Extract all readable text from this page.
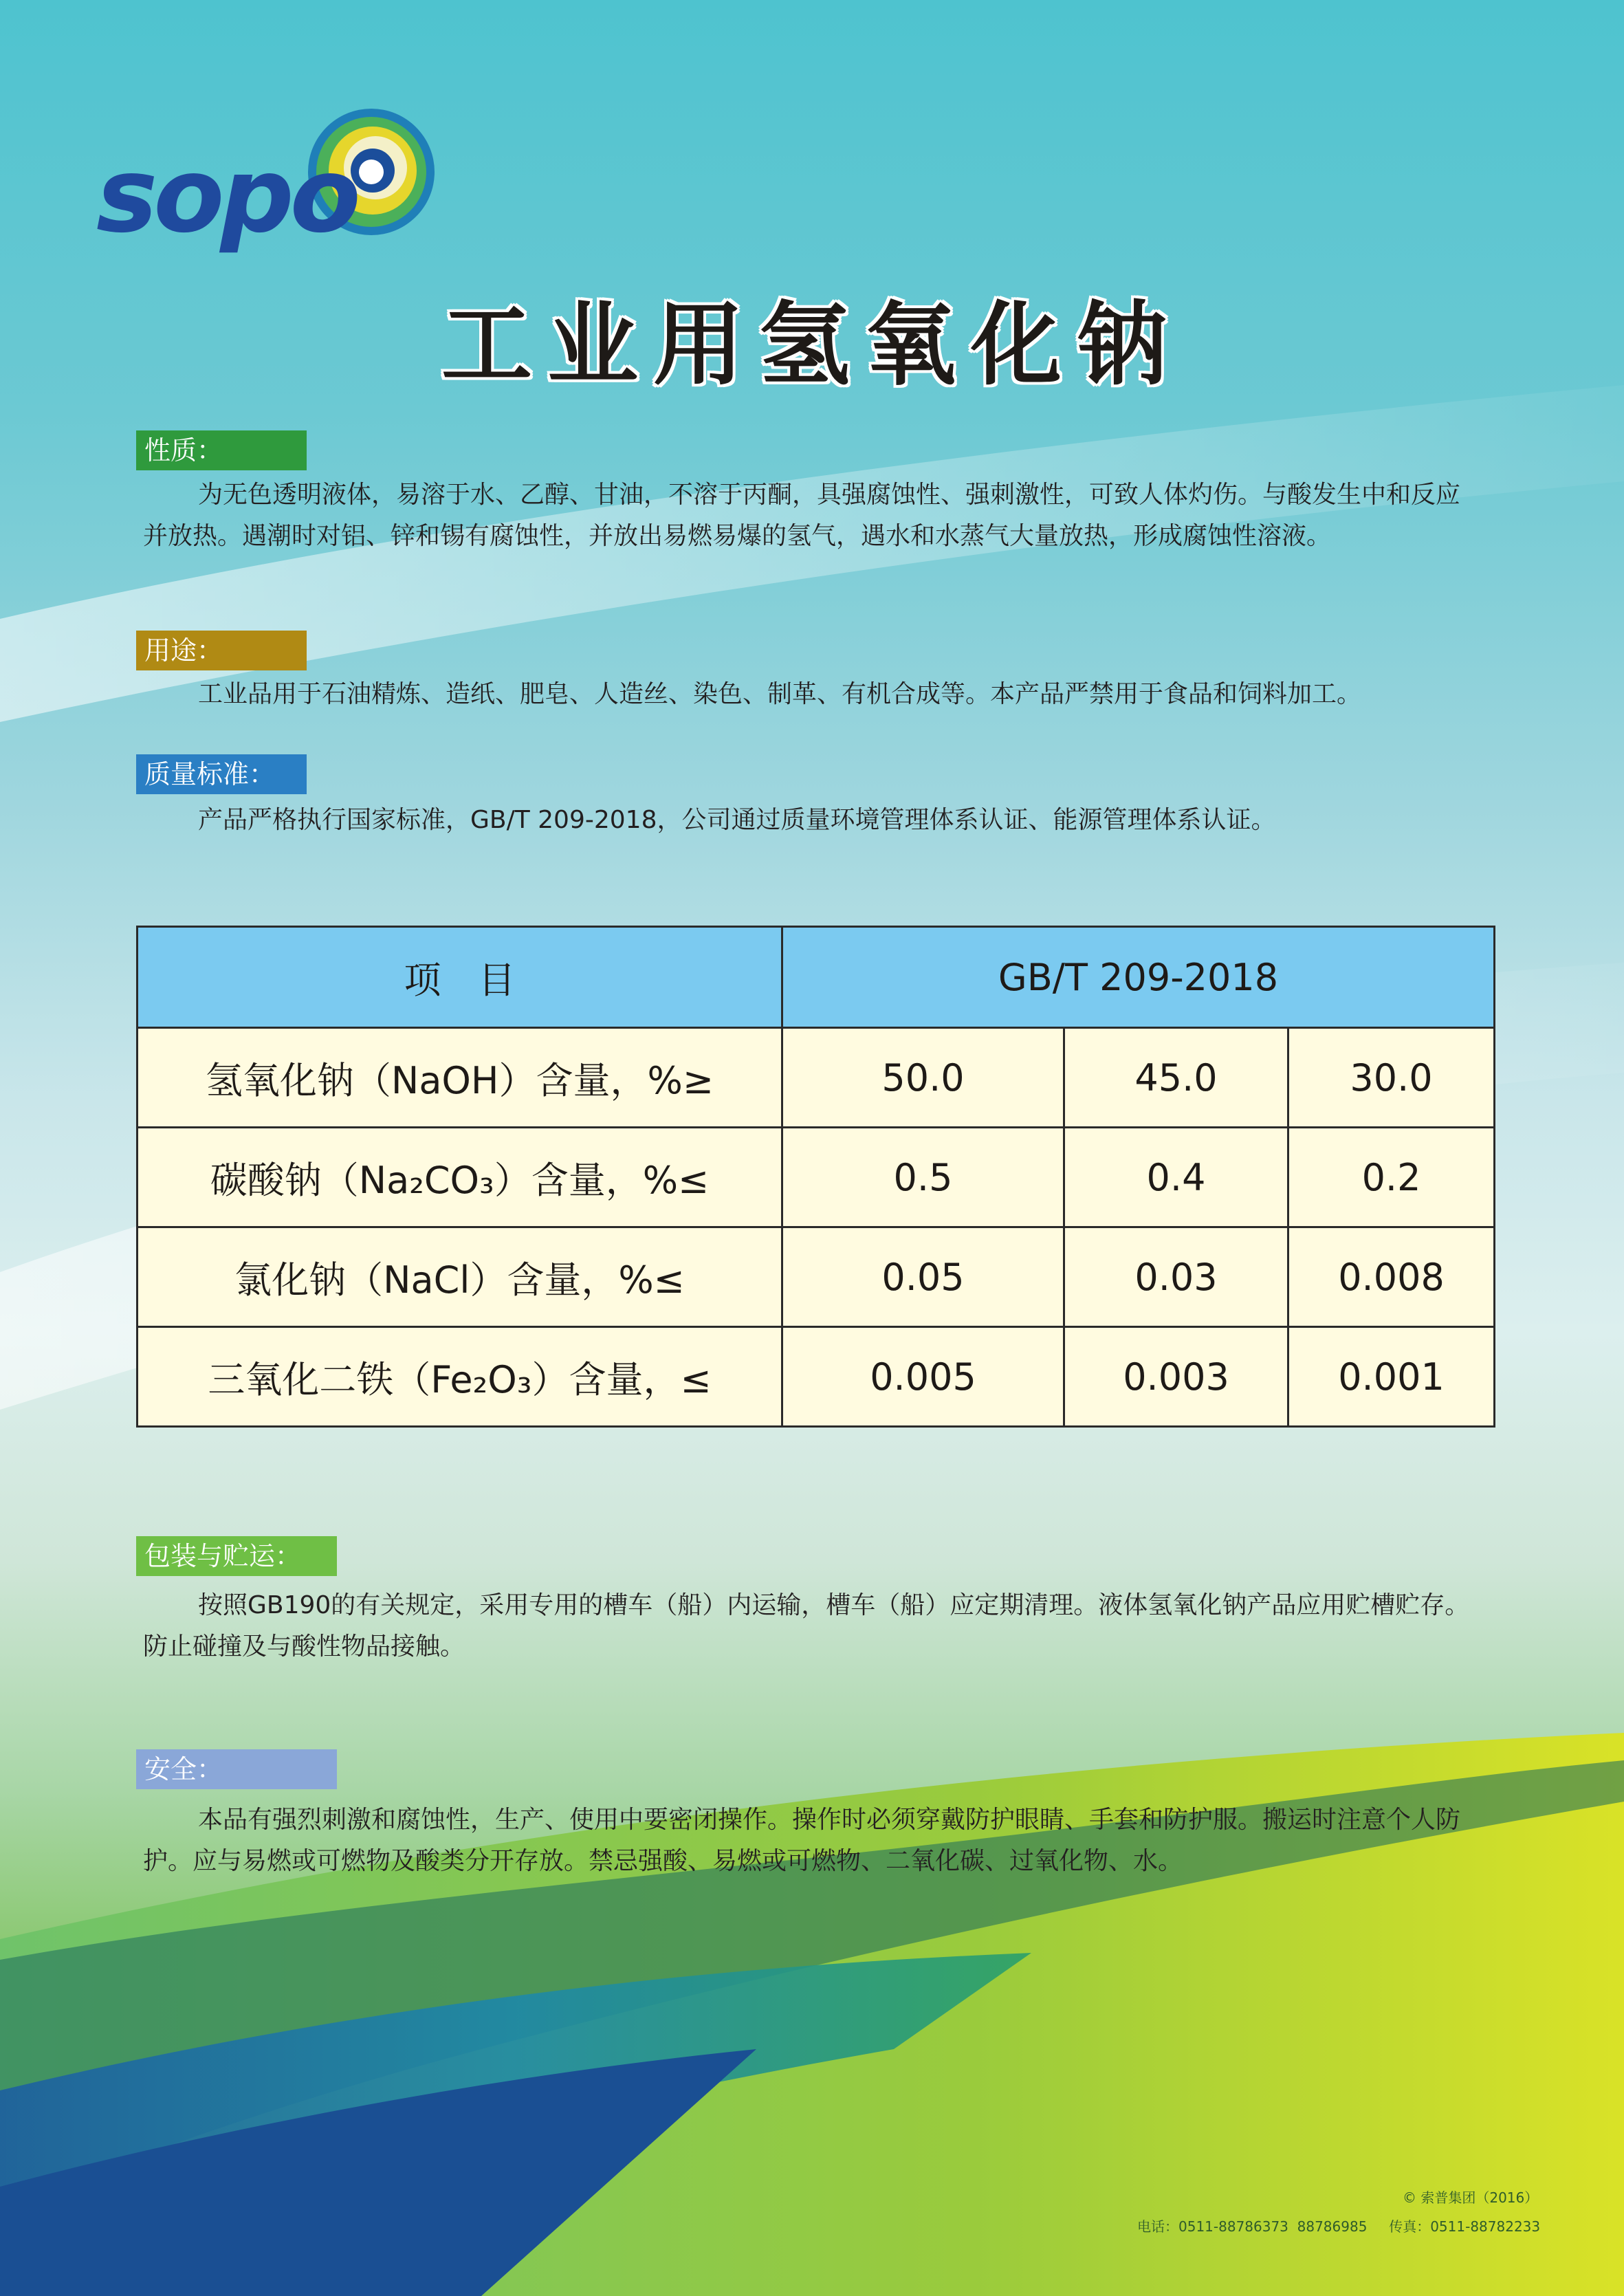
sopo
工业用氢氧化钠
性质：
为无色透明液体，易溶于水、乙醇、甘油，不溶于丙酮，具强腐蚀性、强刺激性，可致人体灼伤。与酸发生中和反应并放热。遇潮时对铝、锌和锡有腐蚀性，并放出易燃易爆的氢气，遇水和水蒸气大量放热，形成腐蚀性溶液。
用途：
工业品用于石油精炼、造纸、肥皂、人造丝、染色、制革、有机合成等。本产品严禁用于食品和饲料加工。
质量标准：
产品严格执行国家标准，GB/T 209-2018，公司通过质量环境管理体系认证、能源管理体系认证。
项　目	GB/T 209-2018		
氢氧化钠（NaOH）含量，%≥	50.0	45.0	30.0
碳酸钠（Na₂CO₃）含量，%≤	0.5	0.4	0.2
氯化钠（NaCl）含量，%≤	0.05	0.03	0.008
三氧化二铁（Fe₂O₃）含量，≤	0.005	0.003	0.001
包装与贮运：
按照GB190的有关规定，采用专用的槽车（船）内运输，槽车（船）应定期清理。液体氢氧化钠产品应用贮槽贮存。防止碰撞及与酸性物品接触。
安全：
本品有强烈刺激和腐蚀性，生产、使用中要密闭操作。操作时必须穿戴防护眼睛、手套和防护服。搬运时注意个人防护。应与易燃或可燃物及酸类分开存放。禁忌强酸、易燃或可燃物、二氧化碳、过氧化物、水。
© 索普集团（2016）
电话：0511-88786373  88786985     传真：0511-88782233
